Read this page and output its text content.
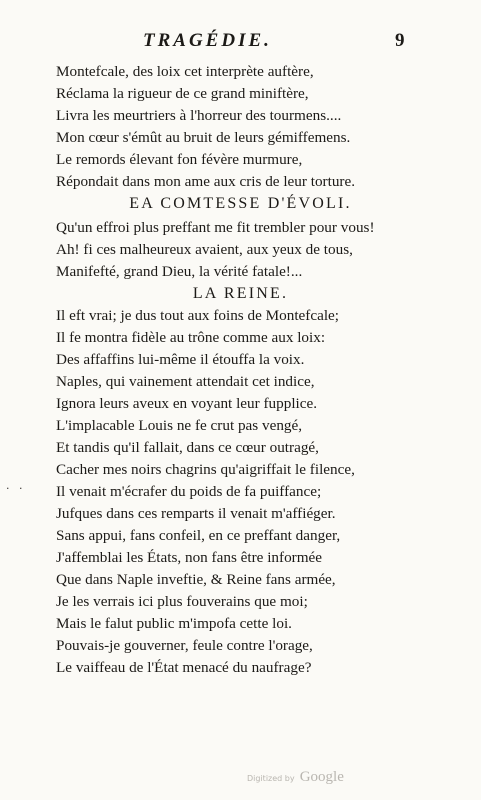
TRAGÉDIE.	9
Montefcale, des loix cet interprète auftère,
Réclama la rigueur de ce grand miniftère,
Livra les meurtriers à l'horreur des tourmens....
Mon cœur s'émût au bruit de leurs gémiffemens.
Le remords élevant fon févère murmure,
Répondait dans mon ame aux cris de leur torture.
EA COMTESSE D'ÉVOLI.
Qu'un effroi plus preffant me fit trembler pour vous!
Ah! fi ces malheureux avaient, aux yeux de tous,
Manifefté, grand Dieu, la vérité fatale!...
LA REINE.
Il eft vrai; je dus tout aux foins de Montefcale;
Il fe montra fidèle au trône comme aux loix:
Des affaffins lui-même il étouffa la voix.
Naples, qui vainement attendait cet indice,
Ignora leurs aveux en voyant leur fupplice.
L'implacable Louis ne fe crut pas vengé,
Et tandis qu'il fallait, dans ce cœur outragé,
Cacher mes noirs chagrins qu'aigriffait le filence,
Il venait m'écrafer du poids de fa puiffance;
Jufques dans ces remparts il venait m'affiéger.
Sans appui, fans confeil, en ce preffant danger,
J'affemblai les États, non fans être informée
Que dans Naple inveftie, & Reine fans armée,
Je les verrais ici plus fouverains que moi;
Mais le falut public m'impofa cette loi.
Pouvais-je gouverner, feule contre l'orage,
Le vaiffeau de l'État menacé du naufrage?
· ·
Digitized by Google
